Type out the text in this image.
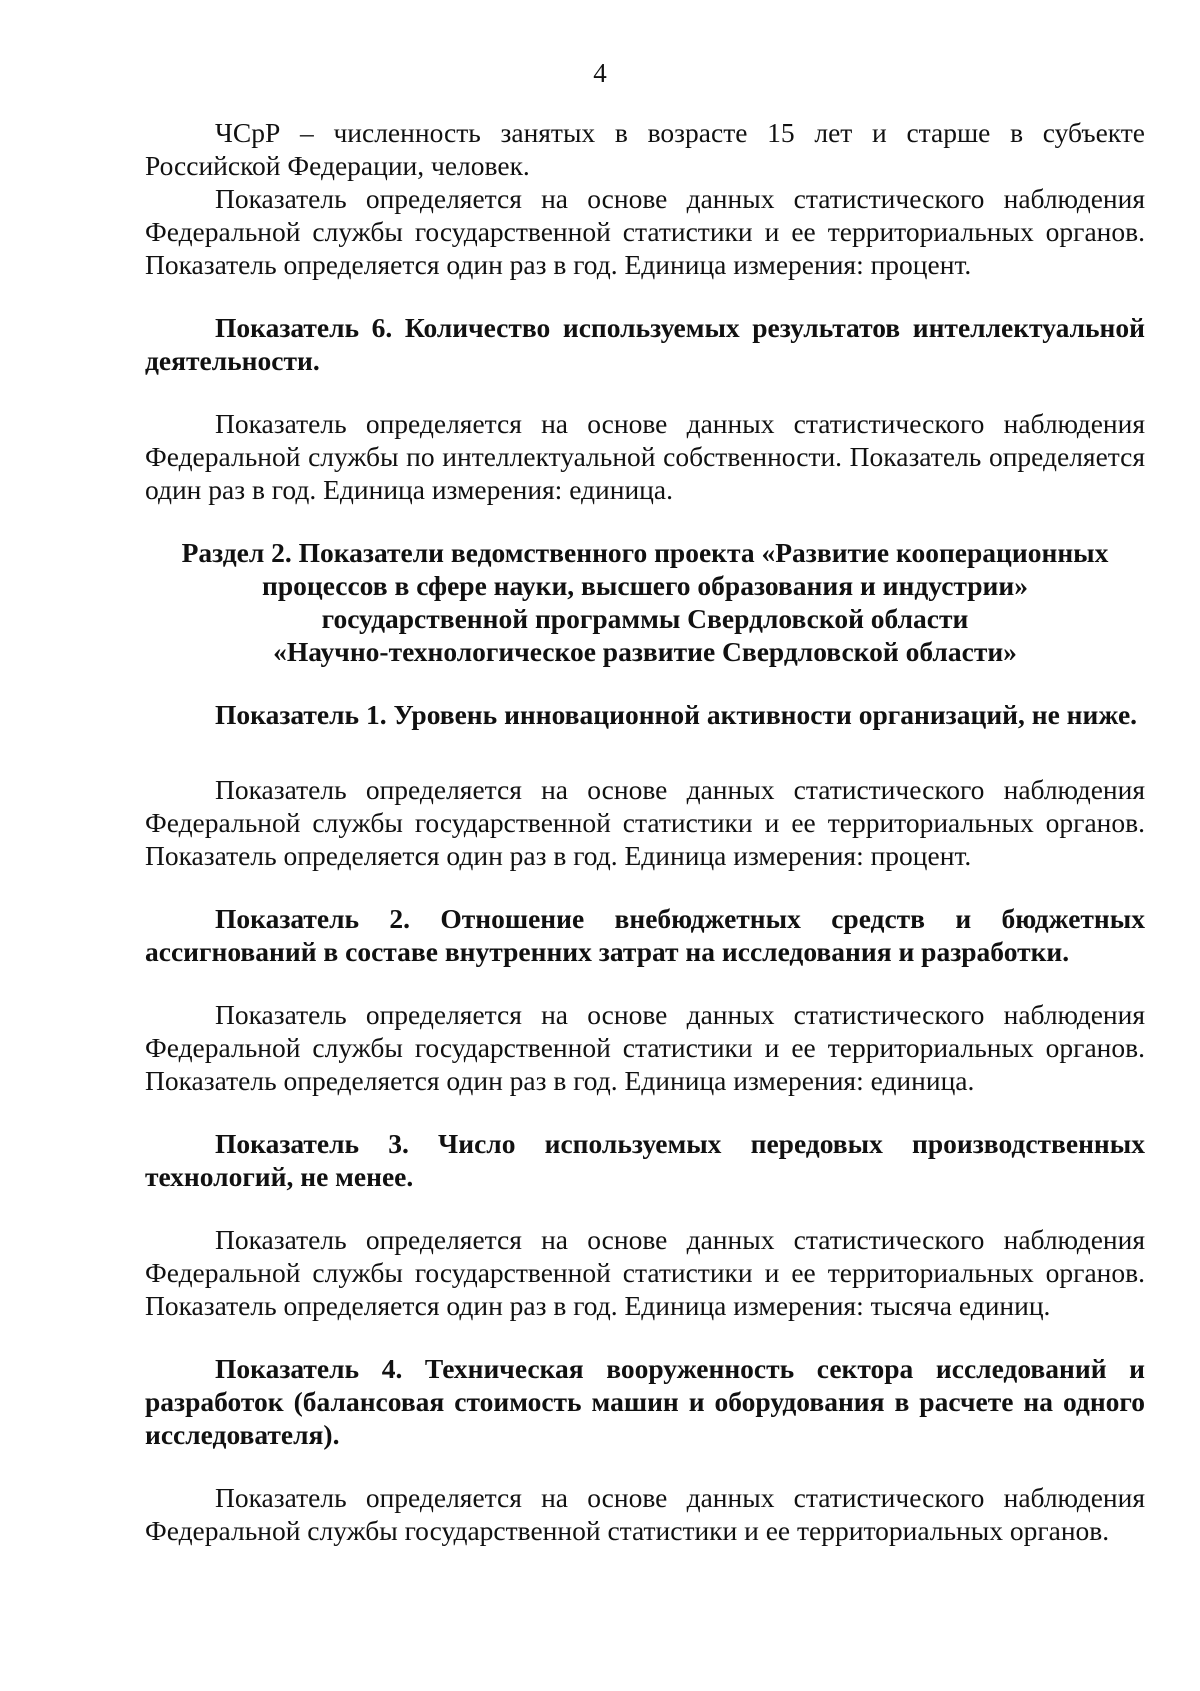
4

ЧСрР – численность занятых в возрасте 15 лет и старше в субъекте Российской Федерации, человек.

Показатель определяется на основе данных статистического наблюдения Федеральной службы государственной статистики и ее территориальных органов. Показатель определяется один раз в год. Единица измерения: процент.

Показатель 6. Количество используемых результатов интеллектуальной деятельности.

Показатель определяется на основе данных статистического наблюдения Федеральной службы по интеллектуальной собственности. Показатель определяется один раз в год. Единица измерения: единица.

Раздел 2. Показатели ведомственного проекта «Развитие кооперационных

процессов в сфере науки, высшего образования и индустрии»

государственной программы Свердловской области

«Научно-технологическое развитие Свердловской области»

Показатель 1. Уровень инновационной активности организаций, не ниже.

Показатель определяется на основе данных статистического наблюдения Федеральной службы государственной статистики и ее территориальных органов. Показатель определяется один раз в год. Единица измерения: процент.

Показатель 2. Отношение внебюджетных средств и бюджетных ассигнований в составе внутренних затрат на исследования и разработки.

Показатель определяется на основе данных статистического наблюдения Федеральной службы государственной статистики и ее территориальных органов. Показатель определяется один раз в год. Единица измерения: единица.

Показатель 3. Число используемых передовых производственных технологий, не менее.

Показатель определяется на основе данных статистического наблюдения Федеральной службы государственной статистики и ее территориальных органов. Показатель определяется один раз в год. Единица измерения: тысяча единиц.

Показатель 4. Техническая вооруженность сектора исследований и разработок (балансовая стоимость машин и оборудования в расчете на одного исследователя).

Показатель определяется на основе данных статистического наблюдения Федеральной службы государственной статистики и ее территориальных органов.
